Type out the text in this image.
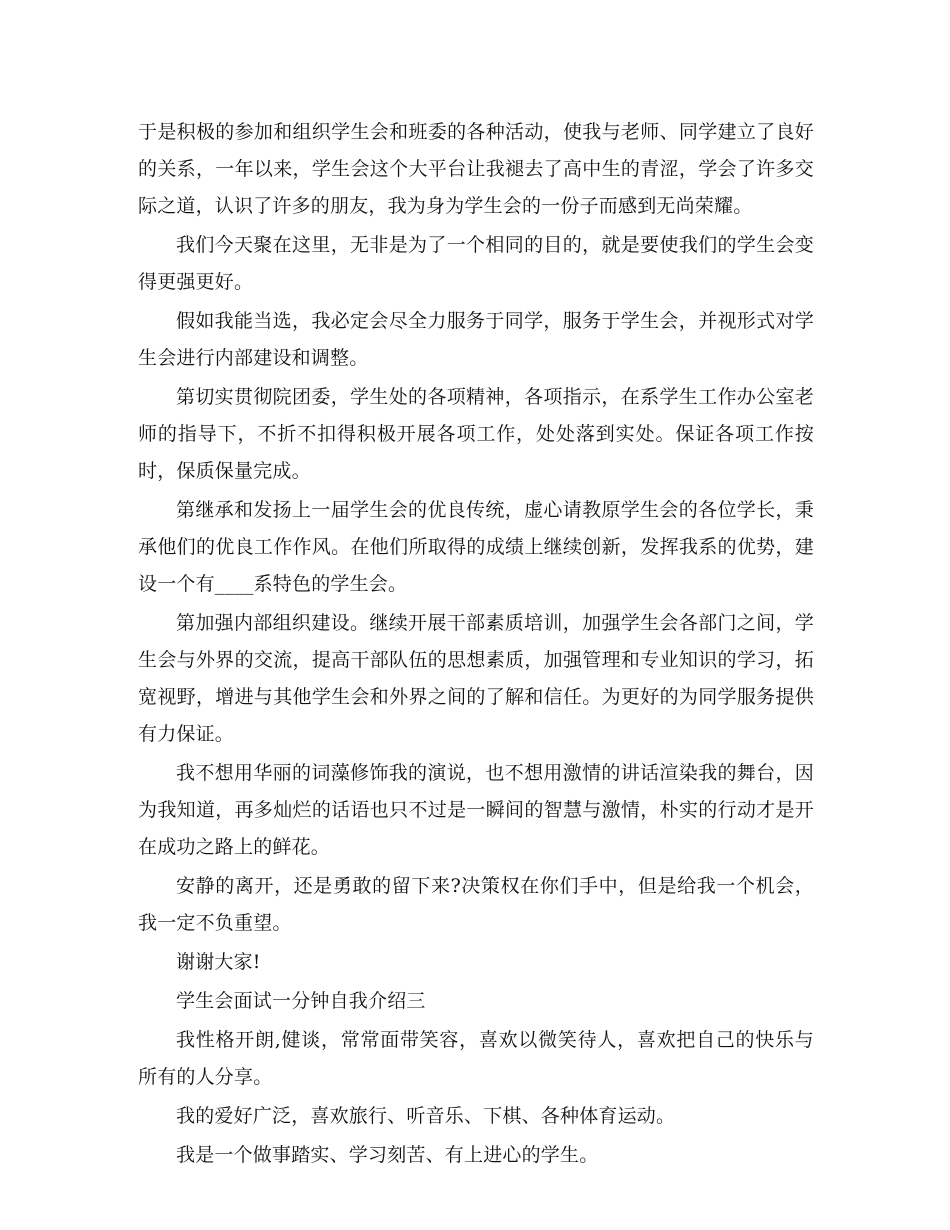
于是积极的参加和组织学生会和班委的各种活动，使我与老师、同学建立了良好的关系，一年以来，学生会这个大平台让我褪去了高中生的青涩，学会了许多交际之道，认识了许多的朋友，我为身为学生会的一份子而感到无尚荣耀。

我们今天聚在这里，无非是为了一个相同的目的，就是要使我们的学生会变得更强更好。

假如我能当选，我必定会尽全力服务于同学，服务于学生会，并视形式对学生会进行内部建设和调整。

第切实贯彻院团委，学生处的各项精神，各项指示，在系学生工作办公室老师的指导下，不折不扣得积极开展各项工作，处处落到实处。保证各项工作按时，保质保量完成。

第继承和发扬上一届学生会的优良传统，虚心请教原学生会的各位学长，秉承他们的优良工作作风。在他们所取得的成绩上继续创新，发挥我系的优势，建设一个有____系特色的学生会。

第加强内部组织建设。继续开展干部素质培训，加强学生会各部门之间，学生会与外界的交流，提高干部队伍的思想素质，加强管理和专业知识的学习，拓宽视野，增进与其他学生会和外界之间的了解和信任。为更好的为同学服务提供有力保证。

我不想用华丽的词藻修饰我的演说，也不想用激情的讲话渲染我的舞台，因为我知道，再多灿烂的话语也只不过是一瞬间的智慧与激情，朴实的行动才是开在成功之路上的鲜花。

安静的离开，还是勇敢的留下来?决策权在你们手中，但是给我一个机会，我一定不负重望。

谢谢大家!

学生会面试一分钟自我介绍三

我性格开朗,健谈，常常面带笑容，喜欢以微笑待人，喜欢把自己的快乐与所有的人分享。

我的爱好广泛，喜欢旅行、听音乐、下棋、各种体育运动。

我是一个做事踏实、学习刻苦、有上进心的学生。
